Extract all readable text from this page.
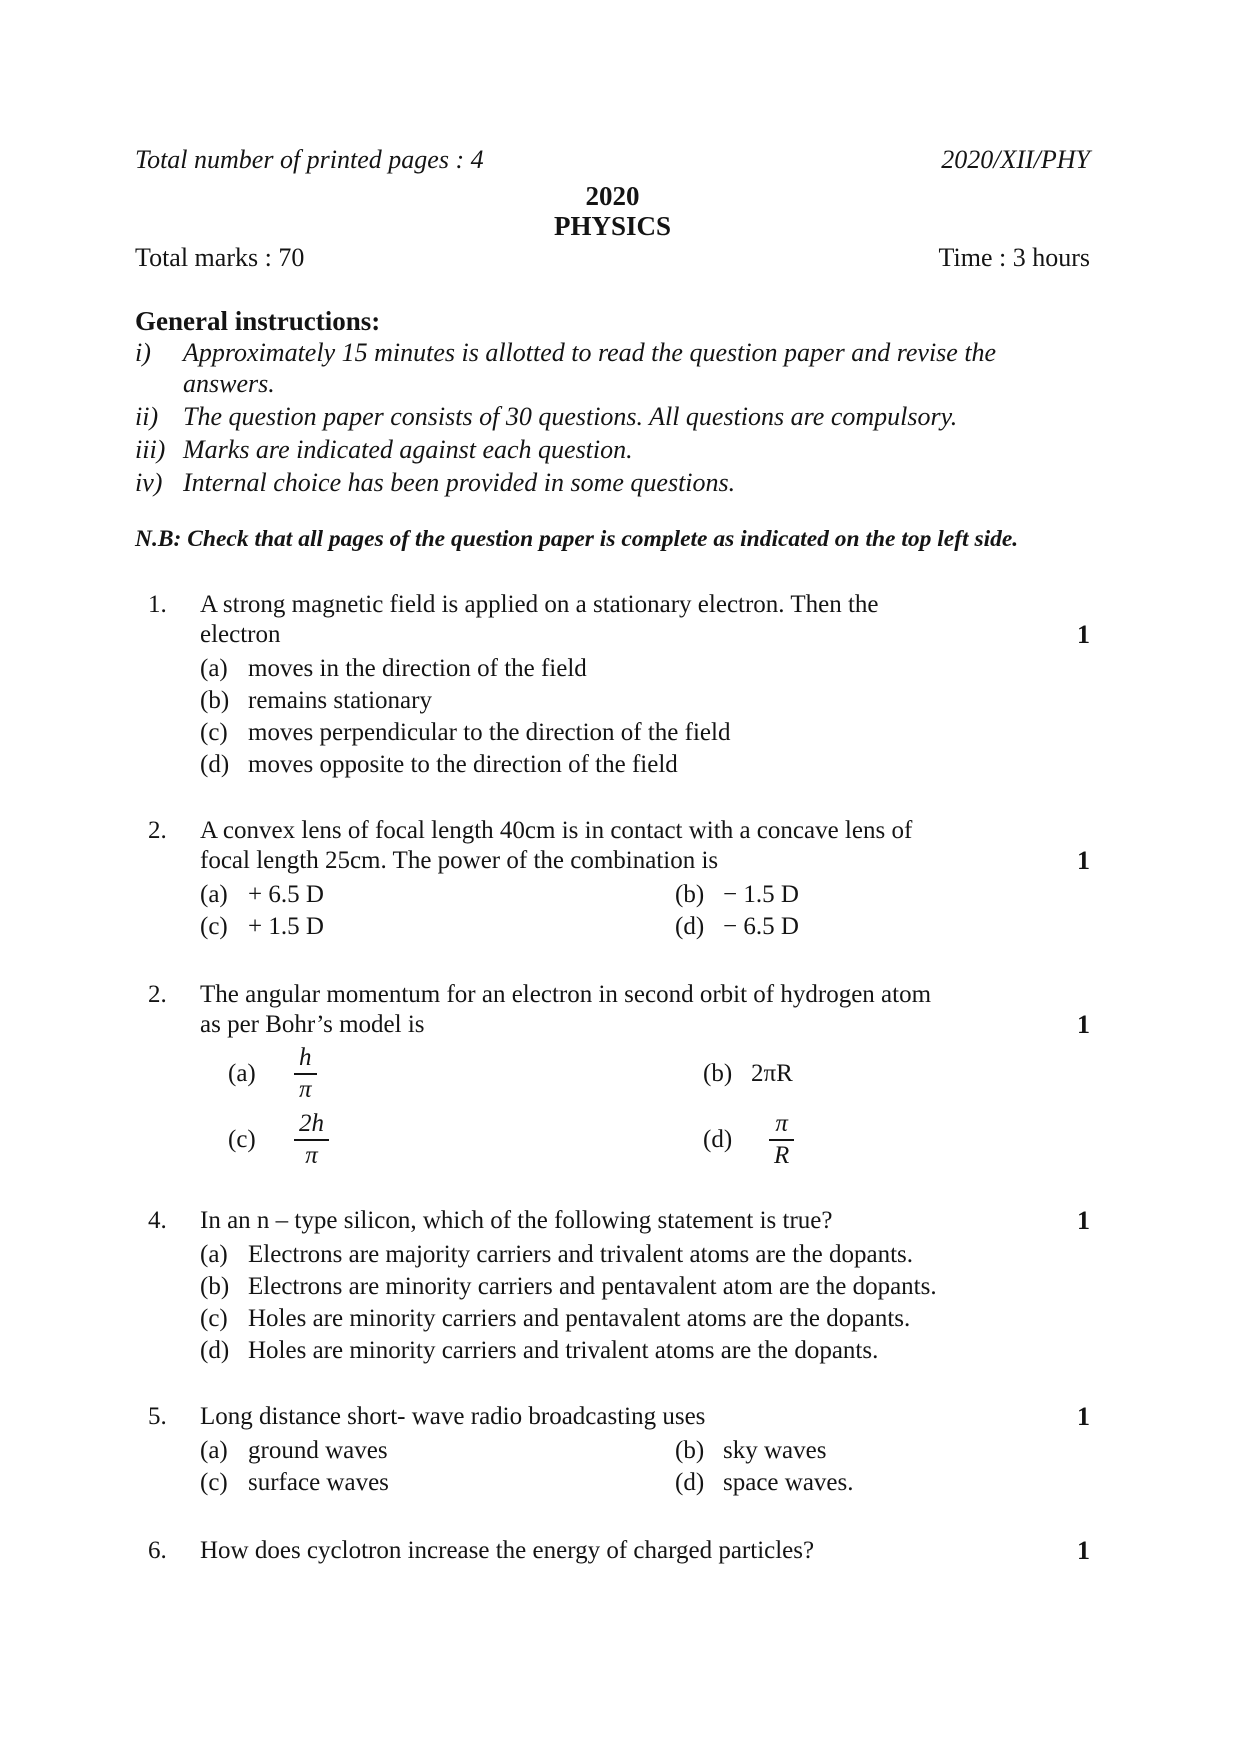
Total number of printed pages : 4	2020/XII/PHY
2020
PHYSICS
Total marks : 70	Time : 3 hours
General instructions:
i)	Approximately 15 minutes is allotted to read the question paper and revise the
answers.
ii) The question paper consists of 30 questions. All questions are compulsory.
iii) Marks are indicated against each question.
iv) Internal choice has been provided in some questions.
N.B: Check that all pages of the question paper is complete as indicated on the top left side.
1.	A strong magnetic field is applied on a stationary electron. Then the
electron	1
(a) moves in the direction of the field
(b) remains stationary
(c) moves perpendicular to the direction of the field
(d) moves opposite to the direction of the field
2.	A convex lens of focal length 40cm is in contact with a concave lens of
focal length 25cm. The power of the combination is	1
(a) + 6.5 D	(b) − 1.5 D
(c) + 1.5 D	(d) − 6.5 D
2.	The angular momentum for an electron in second orbit of hydrogen atom
as per Bohr’s model is	1
(a)	$\frac{h}{\pi}$	(b) 2πR
(c)	$\frac{2h}{\pi}$	(d)	$\frac{\pi}{R}$
4.	In an n – type silicon, which of the following statement is true?	1
(a) Electrons are majority carriers and trivalent atoms are the dopants.
(b) Electrons are minority carriers and pentavalent atom are the dopants.
(c) Holes are minority carriers and pentavalent atoms are the dopants.
(d) Holes are minority carriers and trivalent atoms are the dopants.
5.	Long distance short- wave radio broadcasting uses	1
(a) ground waves	(b) sky waves
(c) surface waves	(d) space waves.
6.	How does cyclotron increase the energy of charged particles?	1
